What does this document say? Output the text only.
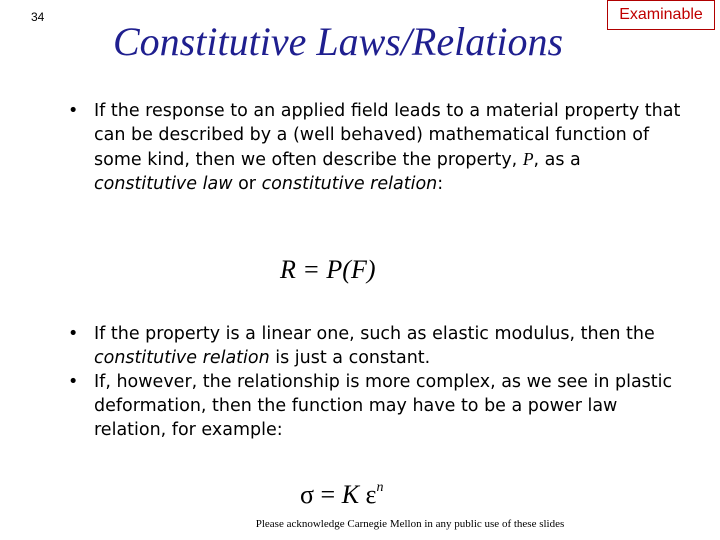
34
Constitutive Laws/Relations
Examinable
• If the response to an applied field leads to a material property that can be described by a (well behaved) mathematical function of some kind, then we often describe the property, P, as a constitutive law or constitutive relation:
R = P(F)
• If the property is a linear one, such as elastic modulus, then the constitutive relation is just a constant.
• If, however, the relationship is more complex, as we see in plastic deformation, then the function may have to be a power law relation, for example:
σ = K $\varepsilon^n$
Please acknowledge Carnegie Mellon in any public use of these slides
